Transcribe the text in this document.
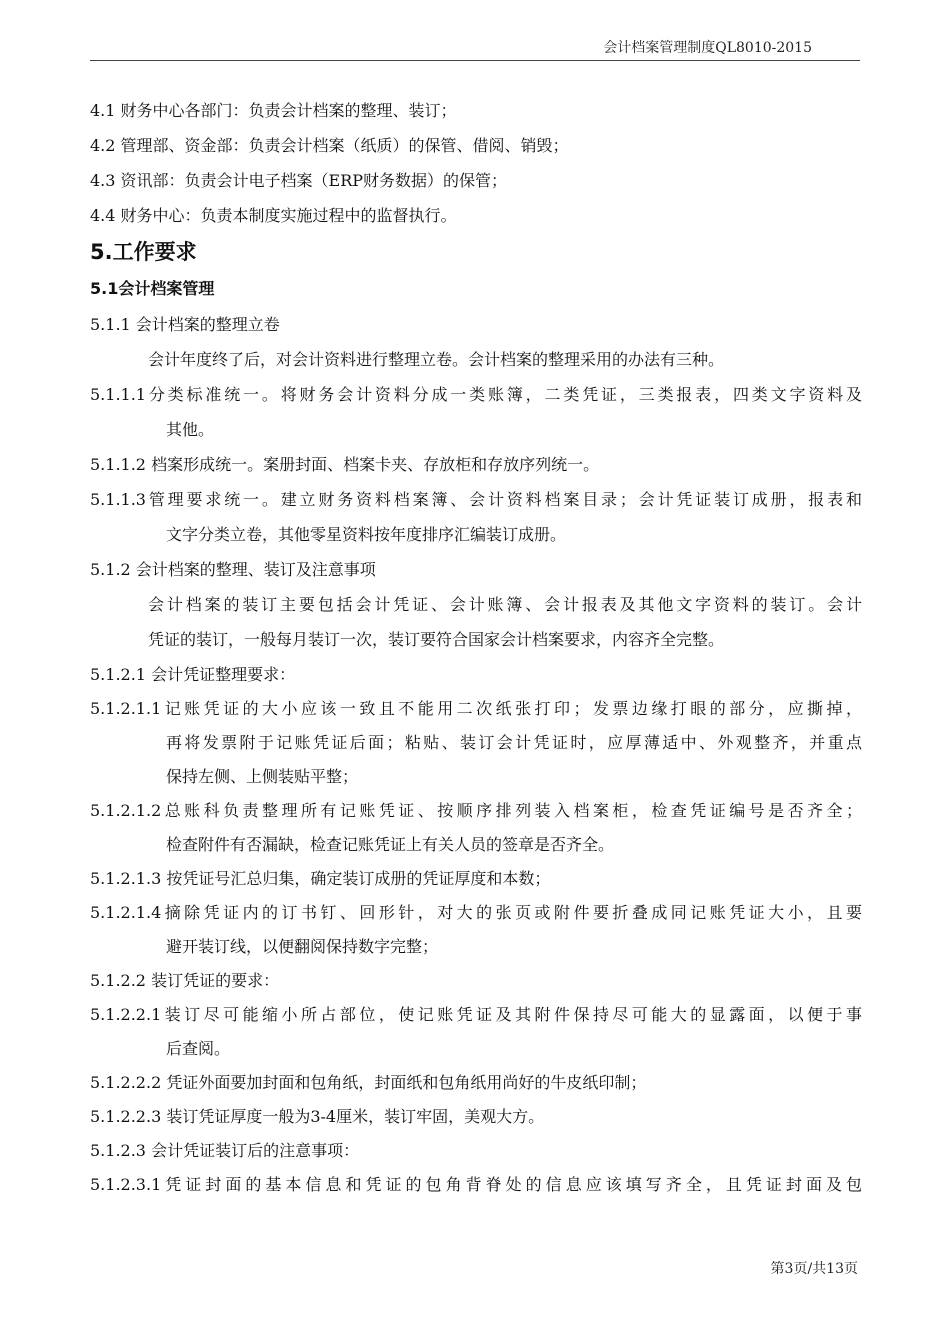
会计档案管理制度QL8010-2015
4.1 财务中心各部门：负责会计档案的整理、装订；
4.2 管理部、资金部：负责会计档案（纸质）的保管、借阅、销毁；
4.3 资讯部：负责会计电子档案（ERP财务数据）的保管；
4.4 财务中心：负责本制度实施过程中的监督执行。
5.工作要求
5.1会计档案管理
5.1.1 会计档案的整理立卷
会计年度终了后，对会计资料进行整理立卷。会计档案的整理采用的办法有三种。
5.1.1.1分类标准统一。将财务会计资料分成一类账簿，二类凭证，三类报表，四类文字资料及
其他。
5.1.1.2 档案形成统一。案册封面、档案卡夹、存放柜和存放序列统一。
5.1.1.3管理要求统一。建立财务资料档案簿、会计资料档案目录；会计凭证装订成册，报表和
文字分类立卷，其他零星资料按年度排序汇编装订成册。
5.1.2 会计档案的整理、装订及注意事项
会计档案的装订主要包括会计凭证、会计账簿、会计报表及其他文字资料的装订。会计
凭证的装订，一般每月装订一次，装订要符合国家会计档案要求，内容齐全完整。
5.1.2.1 会计凭证整理要求：
5.1.2.1.1记账凭证的大小应该一致且不能用二次纸张打印；发票边缘打眼的部分，应撕掉，
再将发票附于记账凭证后面；粘贴、装订会计凭证时，应厚薄适中、外观整齐，并重点
保持左侧、上侧装贴平整；
5.1.2.1.2总账科负责整理所有记账凭证、按顺序排列装入档案柜，检查凭证编号是否齐全；
检查附件有否漏缺，检查记账凭证上有关人员的签章是否齐全。
5.1.2.1.3 按凭证号汇总归集，确定装订成册的凭证厚度和本数；
5.1.2.1.4摘除凭证内的订书钉、回形针，对大的张页或附件要折叠成同记账凭证大小，且要
避开装订线，以便翻阅保持数字完整；
5.1.2.2 装订凭证的要求：
5.1.2.2.1装订尽可能缩小所占部位，使记账凭证及其附件保持尽可能大的显露面，以便于事
后查阅。
5.1.2.2.2 凭证外面要加封面和包角纸，封面纸和包角纸用尚好的牛皮纸印制；
5.1.2.2.3 装订凭证厚度一般为3-4厘米，装订牢固，美观大方。
5.1.2.3 会计凭证装订后的注意事项：
5.1.2.3.1凭证封面的基本信息和凭证的包角背脊处的信息应该填写齐全，且凭证封面及包
第3页/共13页
